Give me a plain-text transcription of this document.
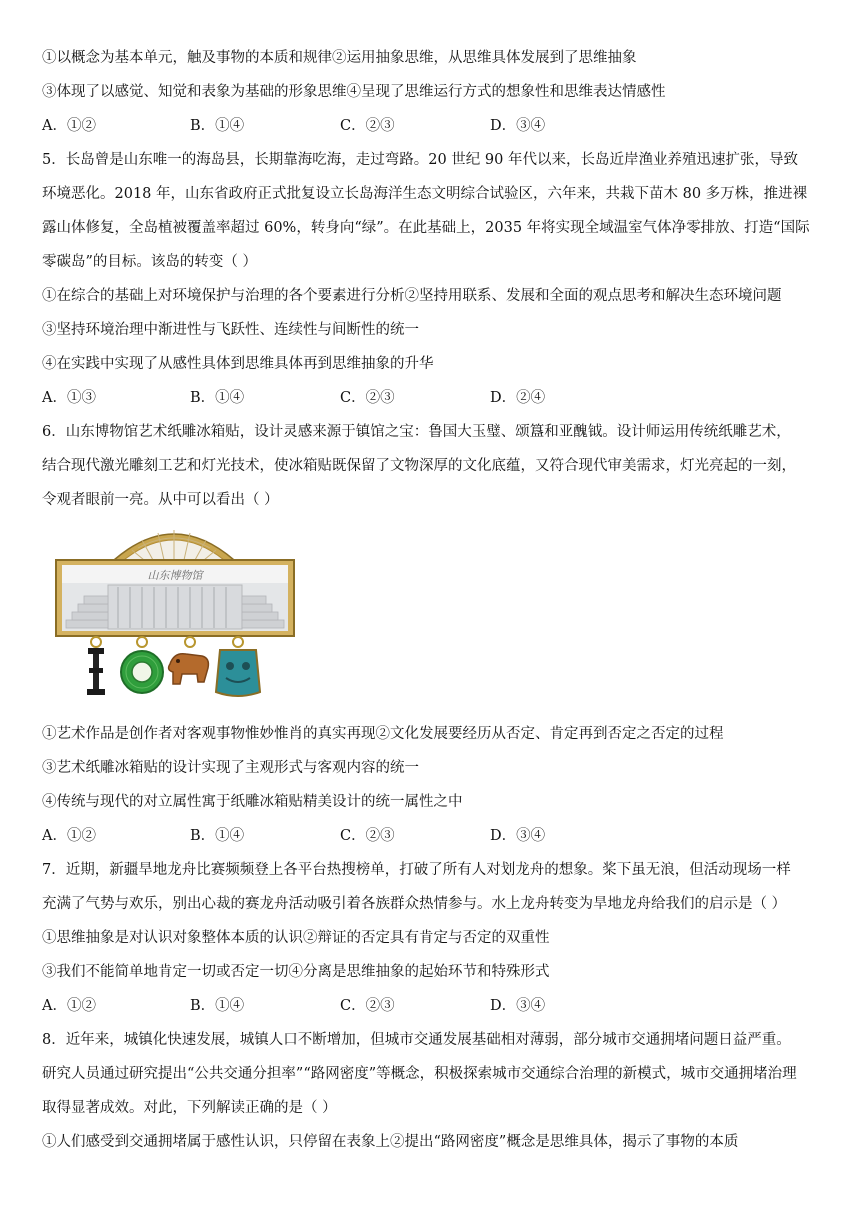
①以概念为基本单元，触及事物的本质和规律②运用抽象思维，从思维具体发展到了思维抽象
③体现了以感觉、知觉和表象为基础的形象思维④呈现了思维运行方式的想象性和思维表达情感性
A．①②	B．①④	C．②③	D．③④
5．长岛曾是山东唯一的海岛县，长期靠海吃海，走过弯路。20 世纪 90 年代以来，长岛近岸渔业养殖迅速扩张，导致
环境恶化。2018 年，山东省政府正式批复设立长岛海洋生态文明综合试验区，六年来，共栽下苗木 80 多万株，推进裸
露山体修复，全岛植被覆盖率超过 60%，转身向“绿”。在此基础上，2035 年将实现全域温室气体净零排放、打造“国际
零碳岛”的目标。该岛的转变（ ）
①在综合的基础上对环境保护与治理的各个要素进行分析②坚持用联系、发展和全面的观点思考和解决生态环境问题
③坚持环境治理中渐进性与飞跃性、连续性与间断性的统一
④在实践中实现了从感性具体到思维具体再到思维抽象的升华
A．①③	B．①④	C．②③	D．②④
6．山东博物馆艺术纸雕冰箱贴，设计灵感来源于镇馆之宝：鲁国大玉璧、颂簋和亚醜钺。设计师运用传统纸雕艺术，
结合现代激光雕刻工艺和灯光技术，使冰箱贴既保留了文物深厚的文化底蕴，又符合现代审美需求，灯光亮起的一刻，
令观者眼前一亮。从中可以看出（ ）
山东博物馆
①艺术作品是创作者对客观事物惟妙惟肖的真实再现②文化发展要经历从否定、肯定再到否定之否定的过程
③艺术纸雕冰箱贴的设计实现了主观形式与客观内容的统一
④传统与现代的对立属性寓于纸雕冰箱贴精美设计的统一属性之中
A．①②	B．①④	C．②③	D．③④
7．近期，新疆旱地龙舟比赛频频登上各平台热搜榜单，打破了所有人对划龙舟的想象。桨下虽无浪，但活动现场一样
充满了气势与欢乐，别出心裁的赛龙舟活动吸引着各族群众热情参与。水上龙舟转变为旱地龙舟给我们的启示是（ ）
①思维抽象是对认识对象整体本质的认识②辩证的否定具有肯定与否定的双重性
③我们不能简单地肯定一切或否定一切④分离是思维抽象的起始环节和特殊形式
A．①②	B．①④	C．②③	D．③④
8．近年来，城镇化快速发展，城镇人口不断增加，但城市交通发展基础相对薄弱，部分城市交通拥堵问题日益严重。
研究人员通过研究提出“公共交通分担率”“路网密度”等概念，积极探索城市交通综合治理的新模式，城市交通拥堵治理
取得显著成效。对此，下列解读正确的是（ ）
①人们感受到交通拥堵属于感性认识，只停留在表象上②提出“路网密度”概念是思维具体，揭示了事物的本质
